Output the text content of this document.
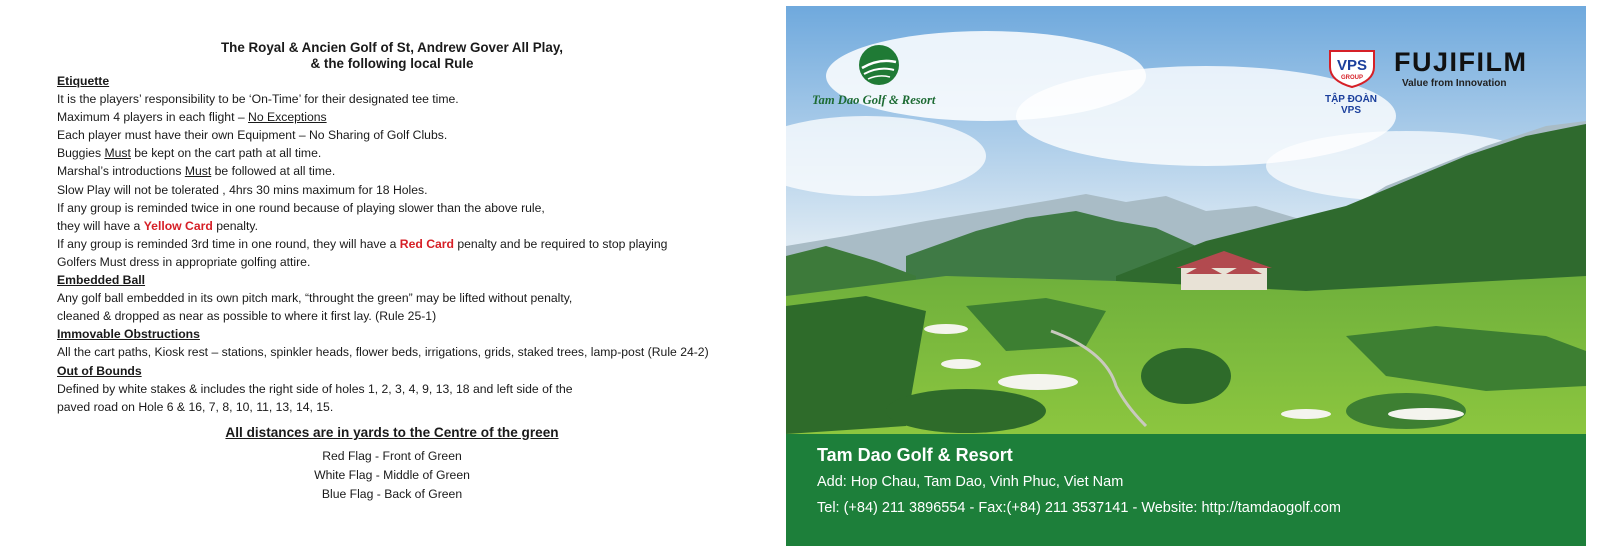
The Royal & Ancien Golf of St, Andrew Gover All Play,
& the following local Rule
Etiquette
It is the players’ responsibility to be ‘On-Time’ for their designated tee time.
Maximum 4 players in each flight – No Exceptions
Each player must have their own Equipment – No Sharing of Golf Clubs.
Buggies Must be kept on the cart path at all time.
Marshal’s introductions Must be followed at all time.
Slow Play will not be tolerated , 4hrs 30 mins maximum for 18 Holes.
If any group is reminded twice in one round because of playing slower than the above rule,
they will have a Yellow Card penalty.
If any group is reminded 3rd time in one round, they will have a Red Card penalty and be required to stop playing
Golfers Must dress in appropriate golfing attire.
Embedded Ball
Any golf ball embedded in its own pitch mark, “throught the green” may be lifted without penalty,
cleaned & dropped as near as possible to where it first lay. (Rule 25-1)
Immovable Obstructions
All the cart paths, Kiosk rest – stations, spinkler heads, flower beds, irrigations, grids, staked trees, lamp-post (Rule 24-2)
Out of Bounds
Defined by white stakes & includes the right side of holes 1, 2, 3, 4, 9, 13, 18 and left side of the
paved road on Hole 6 & 16, 7, 8, 10, 11, 13, 14, 15.
All distances are in yards to the Centre of the green
Red Flag - Front of Green
White Flag - Middle of Green
Blue Flag - Back of Green
Tam Dao Golf & Resort
VPS
GROUP
TẬP ĐOÀN VPS
FUJIFILM
Value from Innovation
Tam Dao Golf & Resort
Add: Hop Chau, Tam Dao, Vinh Phuc, Viet Nam
Tel: (+84) 211 3896554 - Fax:(+84) 211 3537141 - Website: http://tamdaogolf.com
